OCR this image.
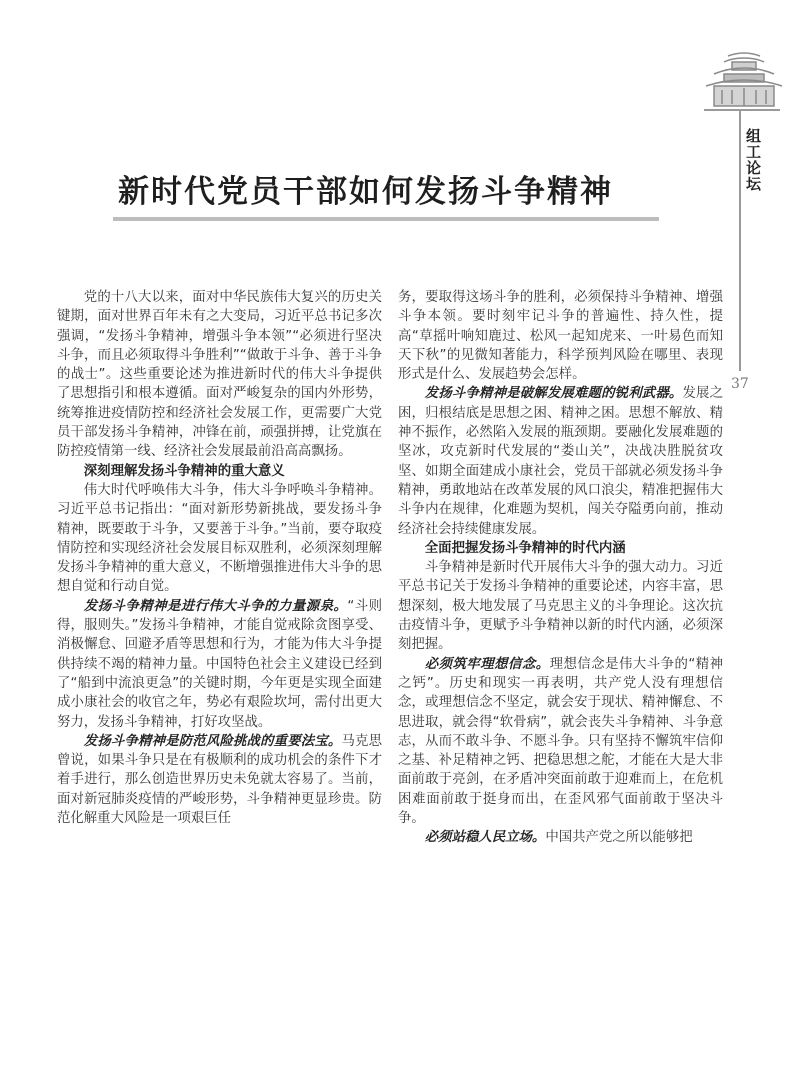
组工论坛
37
新时代党员干部如何发扬斗争精神

党的十八大以来，面对中华民族伟大复兴的历史关键期，面对世界百年未有之大变局，习近平总书记多次强调，“发扬斗争精神，增强斗争本领”“必须进行坚决斗争，而且必须取得斗争胜利”“做敢于斗争、善于斗争的战士”。这些重要论述为推进新时代的伟大斗争提供了思想指引和根本遵循。面对严峻复杂的国内外形势，统筹推进疫情防控和经济社会发展工作，更需要广大党员干部发扬斗争精神，冲锋在前，顽强拼搏，让党旗在防控疫情第一线、经济社会发展最前沿高高飘扬。

深刻理解发扬斗争精神的重大意义

伟大时代呼唤伟大斗争，伟大斗争呼唤斗争精神。习近平总书记指出：“面对新形势新挑战，要发扬斗争精神，既要敢于斗争，又要善于斗争。”当前，要夺取疫情防控和实现经济社会发展目标双胜利，必须深刻理解发扬斗争精神的重大意义，不断增强推进伟大斗争的思想自觉和行动自觉。

发扬斗争精神是进行伟大斗争的力量源泉。“斗则得，服则失。”发扬斗争精神，才能自觉戒除贪图享受、消极懈怠、回避矛盾等思想和行为，才能为伟大斗争提供持续不竭的精神力量。中国特色社会主义建设已经到了“船到中流浪更急”的关键时期，今年更是实现全面建成小康社会的收官之年，势必有艰险坎坷，需付出更大努力，发扬斗争精神，打好攻坚战。

发扬斗争精神是防范风险挑战的重要法宝。马克思曾说，如果斗争只是在有极顺利的成功机会的条件下才着手进行，那么创造世界历史未免就太容易了。当前，面对新冠肺炎疫情的严峻形势，斗争精神更显珍贵。防范化解重大风险是一项艰巨任

务，要取得这场斗争的胜利，必须保持斗争精神、增强斗争本领。要时刻牢记斗争的普遍性、持久性，提高“草摇叶响知鹿过、松风一起知虎来、一叶易色而知天下秋”的见微知著能力，科学预判风险在哪里、表现形式是什么、发展趋势会怎样。

发扬斗争精神是破解发展难题的锐利武器。发展之困，归根结底是思想之困、精神之困。思想不解放、精神不振作，必然陷入发展的瓶颈期。要融化发展难题的坚冰，攻克新时代发展的“娄山关”，决战决胜脱贫攻坚、如期全面建成小康社会，党员干部就必须发扬斗争精神，勇敢地站在改革发展的风口浪尖，精准把握伟大斗争内在规律，化难题为契机，闯关夺隘勇向前，推动经济社会持续健康发展。

全面把握发扬斗争精神的时代内涵

斗争精神是新时代开展伟大斗争的强大动力。习近平总书记关于发扬斗争精神的重要论述，内容丰富，思想深刻，极大地发展了马克思主义的斗争理论。这次抗击疫情斗争，更赋予斗争精神以新的时代内涵，必须深刻把握。

必须筑牢理想信念。理想信念是伟大斗争的“精神之钙”。历史和现实一再表明，共产党人没有理想信念，或理想信念不坚定，就会安于现状、精神懈怠、不思进取，就会得“软骨病”，就会丧失斗争精神、斗争意志，从而不敢斗争、不愿斗争。只有坚持不懈筑牢信仰之基、补足精神之钙、把稳思想之舵，才能在大是大非面前敢于亮剑，在矛盾冲突面前敢于迎难而上，在危机困难面前敢于挺身而出，在歪风邪气面前敢于坚决斗争。

必须站稳人民立场。中国共产党之所以能够把
